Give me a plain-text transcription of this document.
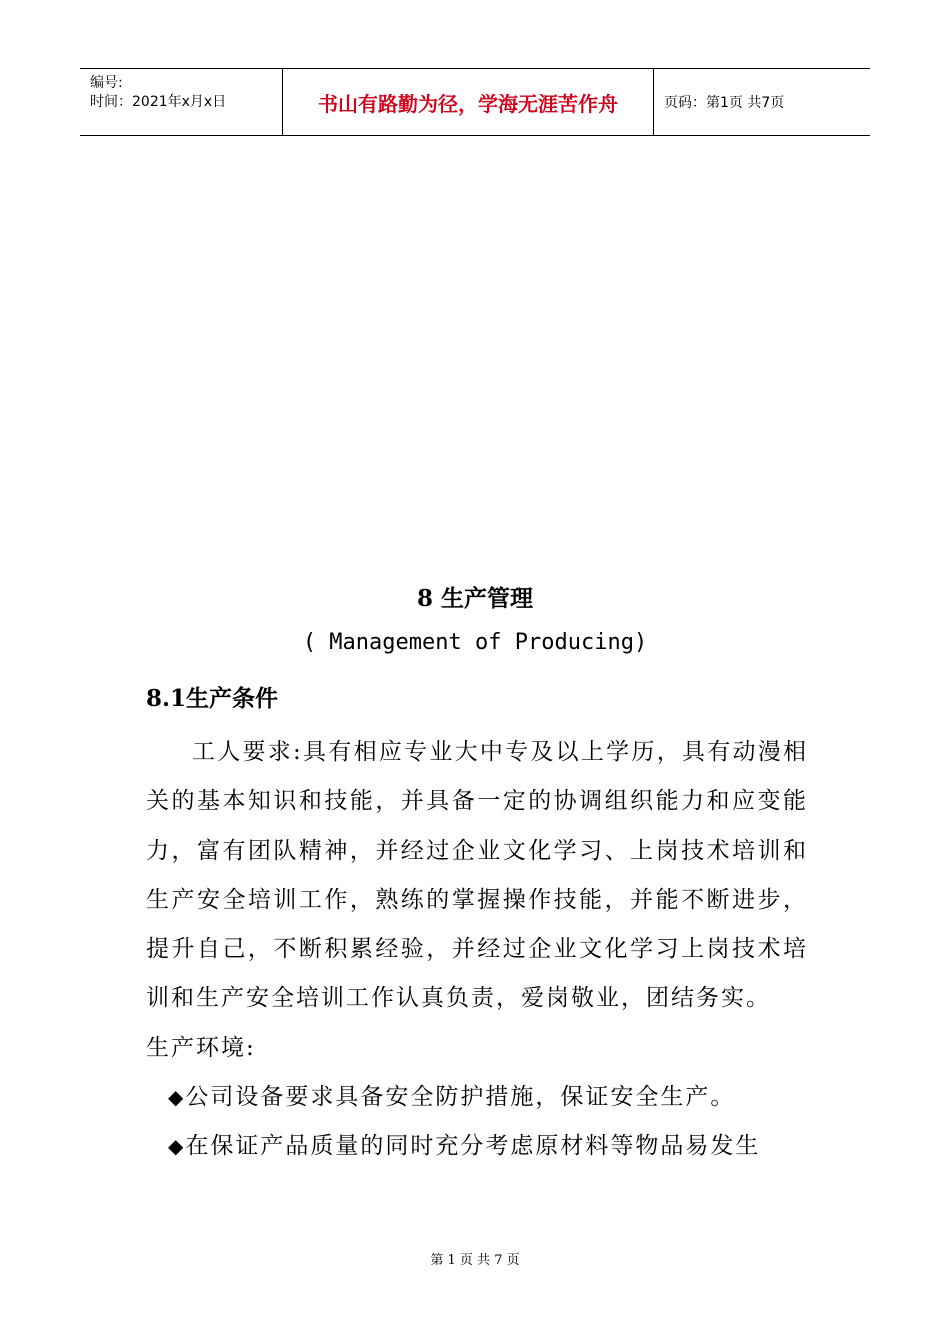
编号:
时间：2021年x月x日	书山有路勤为径，学海无涯苦作舟	页码：第1页 共7页
8 生产管理
( Management of Producing)
8.1生产条件

工人要求:具有相应专业大中专及以上学历，具有动漫相关的基本知识和技能，并具备一定的协调组织能力和应变能力，富有团队精神，并经过企业文化学习、上岗技术培训和生产安全培训工作，熟练的掌握操作技能，并能不断进步，提升自己，不断积累经验，并经过企业文化学习上岗技术培训和生产安全培训工作认真负责，爱岗敬业，团结务实。

生产环境:

◆公司设备要求具备安全防护措施，保证安全生产。

◆在保证产品质量的同时充分考虑原材料等物品易发生

第 1 页 共 7 页
